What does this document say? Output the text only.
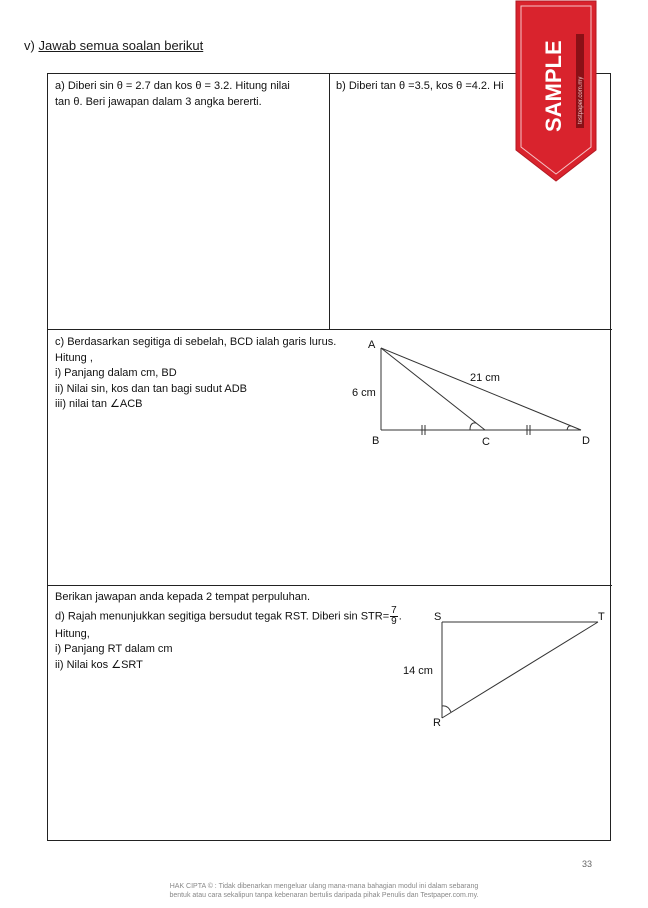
v) Jawab semua soalan berikut
a) Diberi sin θ = 2.7 dan kos θ = 3.2. Hitung nilai
tan θ. Beri jawapan dalam 3 angka bererti.
b) Diberi tan θ =3.5, kos θ =4.2. Hi
c) Berdasarkan segitiga di sebelah, BCD ialah garis lurus.
Hitung ,
i) Panjang dalam cm, BD
ii) Nilai sin, kos dan tan bagi sudut ADB
iii) nilai tan ∠ACB
A
B	C	D
6 cm
21 cm
Berikan jawapan anda kepada 2 tempat perpuluhan.
d) Rajah menunjukkan segitiga bersudut tegak RST. Diberi $\sin STR= \frac{7}{9}$ .
Hitung,
i) Panjang RT dalam cm
ii) Nilai kos ∠SRT
S	T
R
14 cm
SAMPLE testpaper.com.my
33
HAK CIPTA © : Tidak dibenarkan mengeluar ulang mana-mana bahagian modul ini dalam sebarang
bentuk atau cara sekalipun tanpa kebenaran bertulis daripada pihak Penulis dan Testpaper.com.my.
